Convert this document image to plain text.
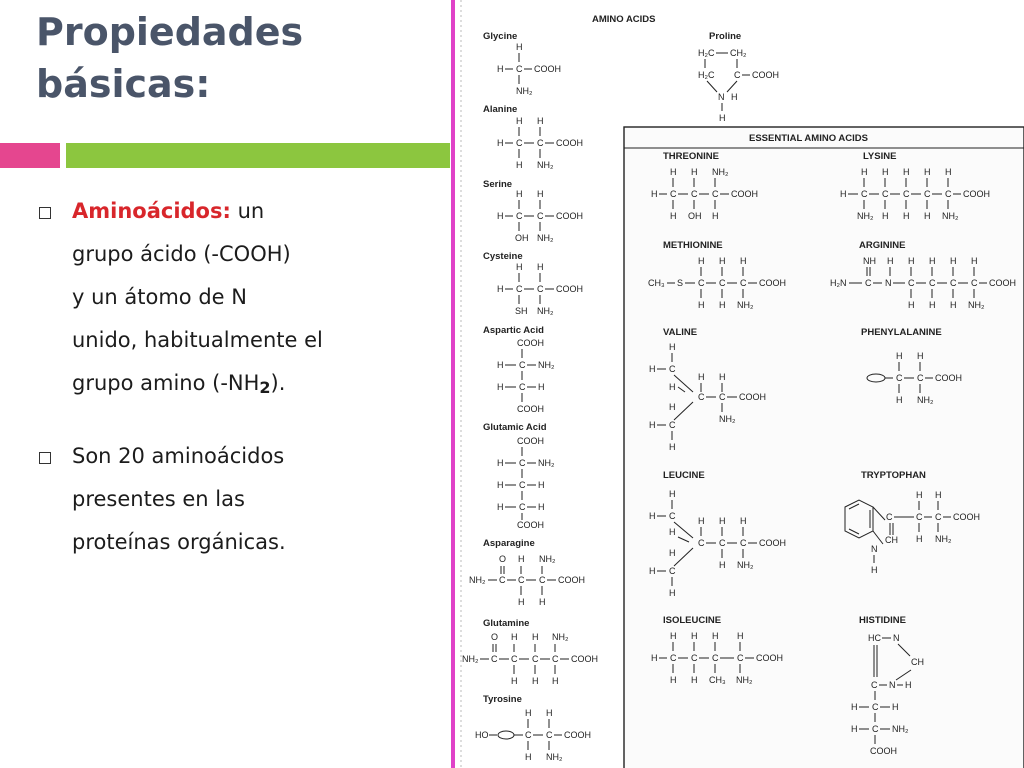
Propiedades
básicas:
Aminoácidos: un
grupo ácido (-COOH)
y un átomo de N
unido, habitualmente el
grupo amino (-NH2).
Son 20 aminoácidos
presentes en las
proteínas orgánicas.
AMINO ACIDS
ESSENTIAL AMINO ACIDS
Glycine
H
H C COOH
NH₂
Proline
H₂C CH₂
H₂C C COOH
N H
H
Alanine
H H
H C C COOH
H NH₂
Serine
H H
H C C COOH
OH NH₂
Cysteine
H H
H C C COOH
SH NH₂
Aspartic Acid
COOH
H C NH₂
H C H
COOH
Glutamic Acid
COOH
H C NH₂
H C H
H C H
COOH
Asparagine
O H NH₂
NH₂ C C C COOH
H H
Glutamine
O H H NH₂
NH₂ C C C C COOH
H H H
Tyrosine
H H
HO	C C COOH
H NH₂
THREONINE
H H NH₂
H C C C COOH
H OH H
LYSINE
H H H H H
H C C C C C COOH
NH₂ H H H NH₂
METHIONINE
H H H
CH₃ S C C C COOH
H H NH₂
ARGININE
NH H H H H H
H₂N C N C C C C COOH
H H H NH₂
VALINE
H
H C
H H
H
C C COOH
H
NH₂
H C
H
PHENYLALANINE
H H
C C COOH
H NH₂
LEUCINE
H
H C	H H H
H
C C C COOH
H
H NH₂
H C
H
TRYPTOPHAN
C
CH
N
H
H H
C C COOH
H NH₂
ISOLEUCINE
H H H H
H C C C C COOH
H H CH₃ NH₂
HISTIDINE
HC N
CH
C N H
H C H
H C NH₂
COOH
